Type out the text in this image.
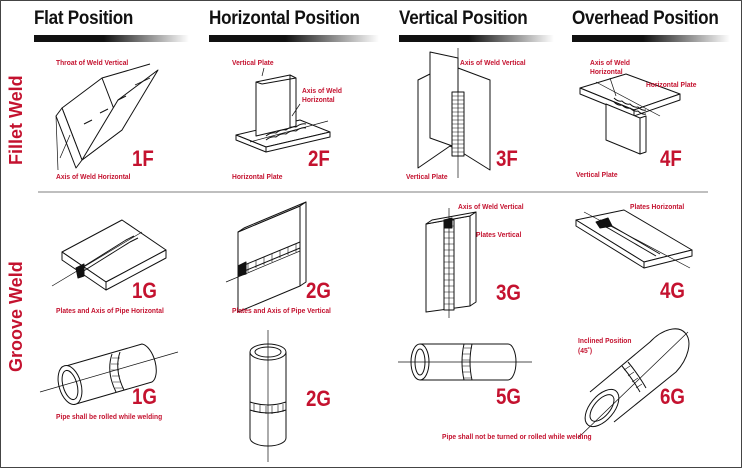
Flat Position	Horizontal Position Vertical Position Overhead Position
Fillet Weld
Groove Weld
Throat of Weld Vertical
Axis of Weld Horizontal
1F
Vertical Plate
Axis of Weld
Horizontal
Horizontal Plate
2F
Axis of Weld Vertical
Vertical Plate
3F
Axis of Weld
Horizontal
Horizontal Plate
Vertical Plate
4F
1G
Plates and Axis of Pipe Horizontal
2G
Plates and Axis of Pipe Vertical
Axis of Weld Vertical
Plates Vertical
3G
Plates Horizontal
4G
1G
Pipe shall be rolled while welding
2G	5G
Inclined Position
(45˚)
6G
Pipe shall not be turned or rolled while welding
